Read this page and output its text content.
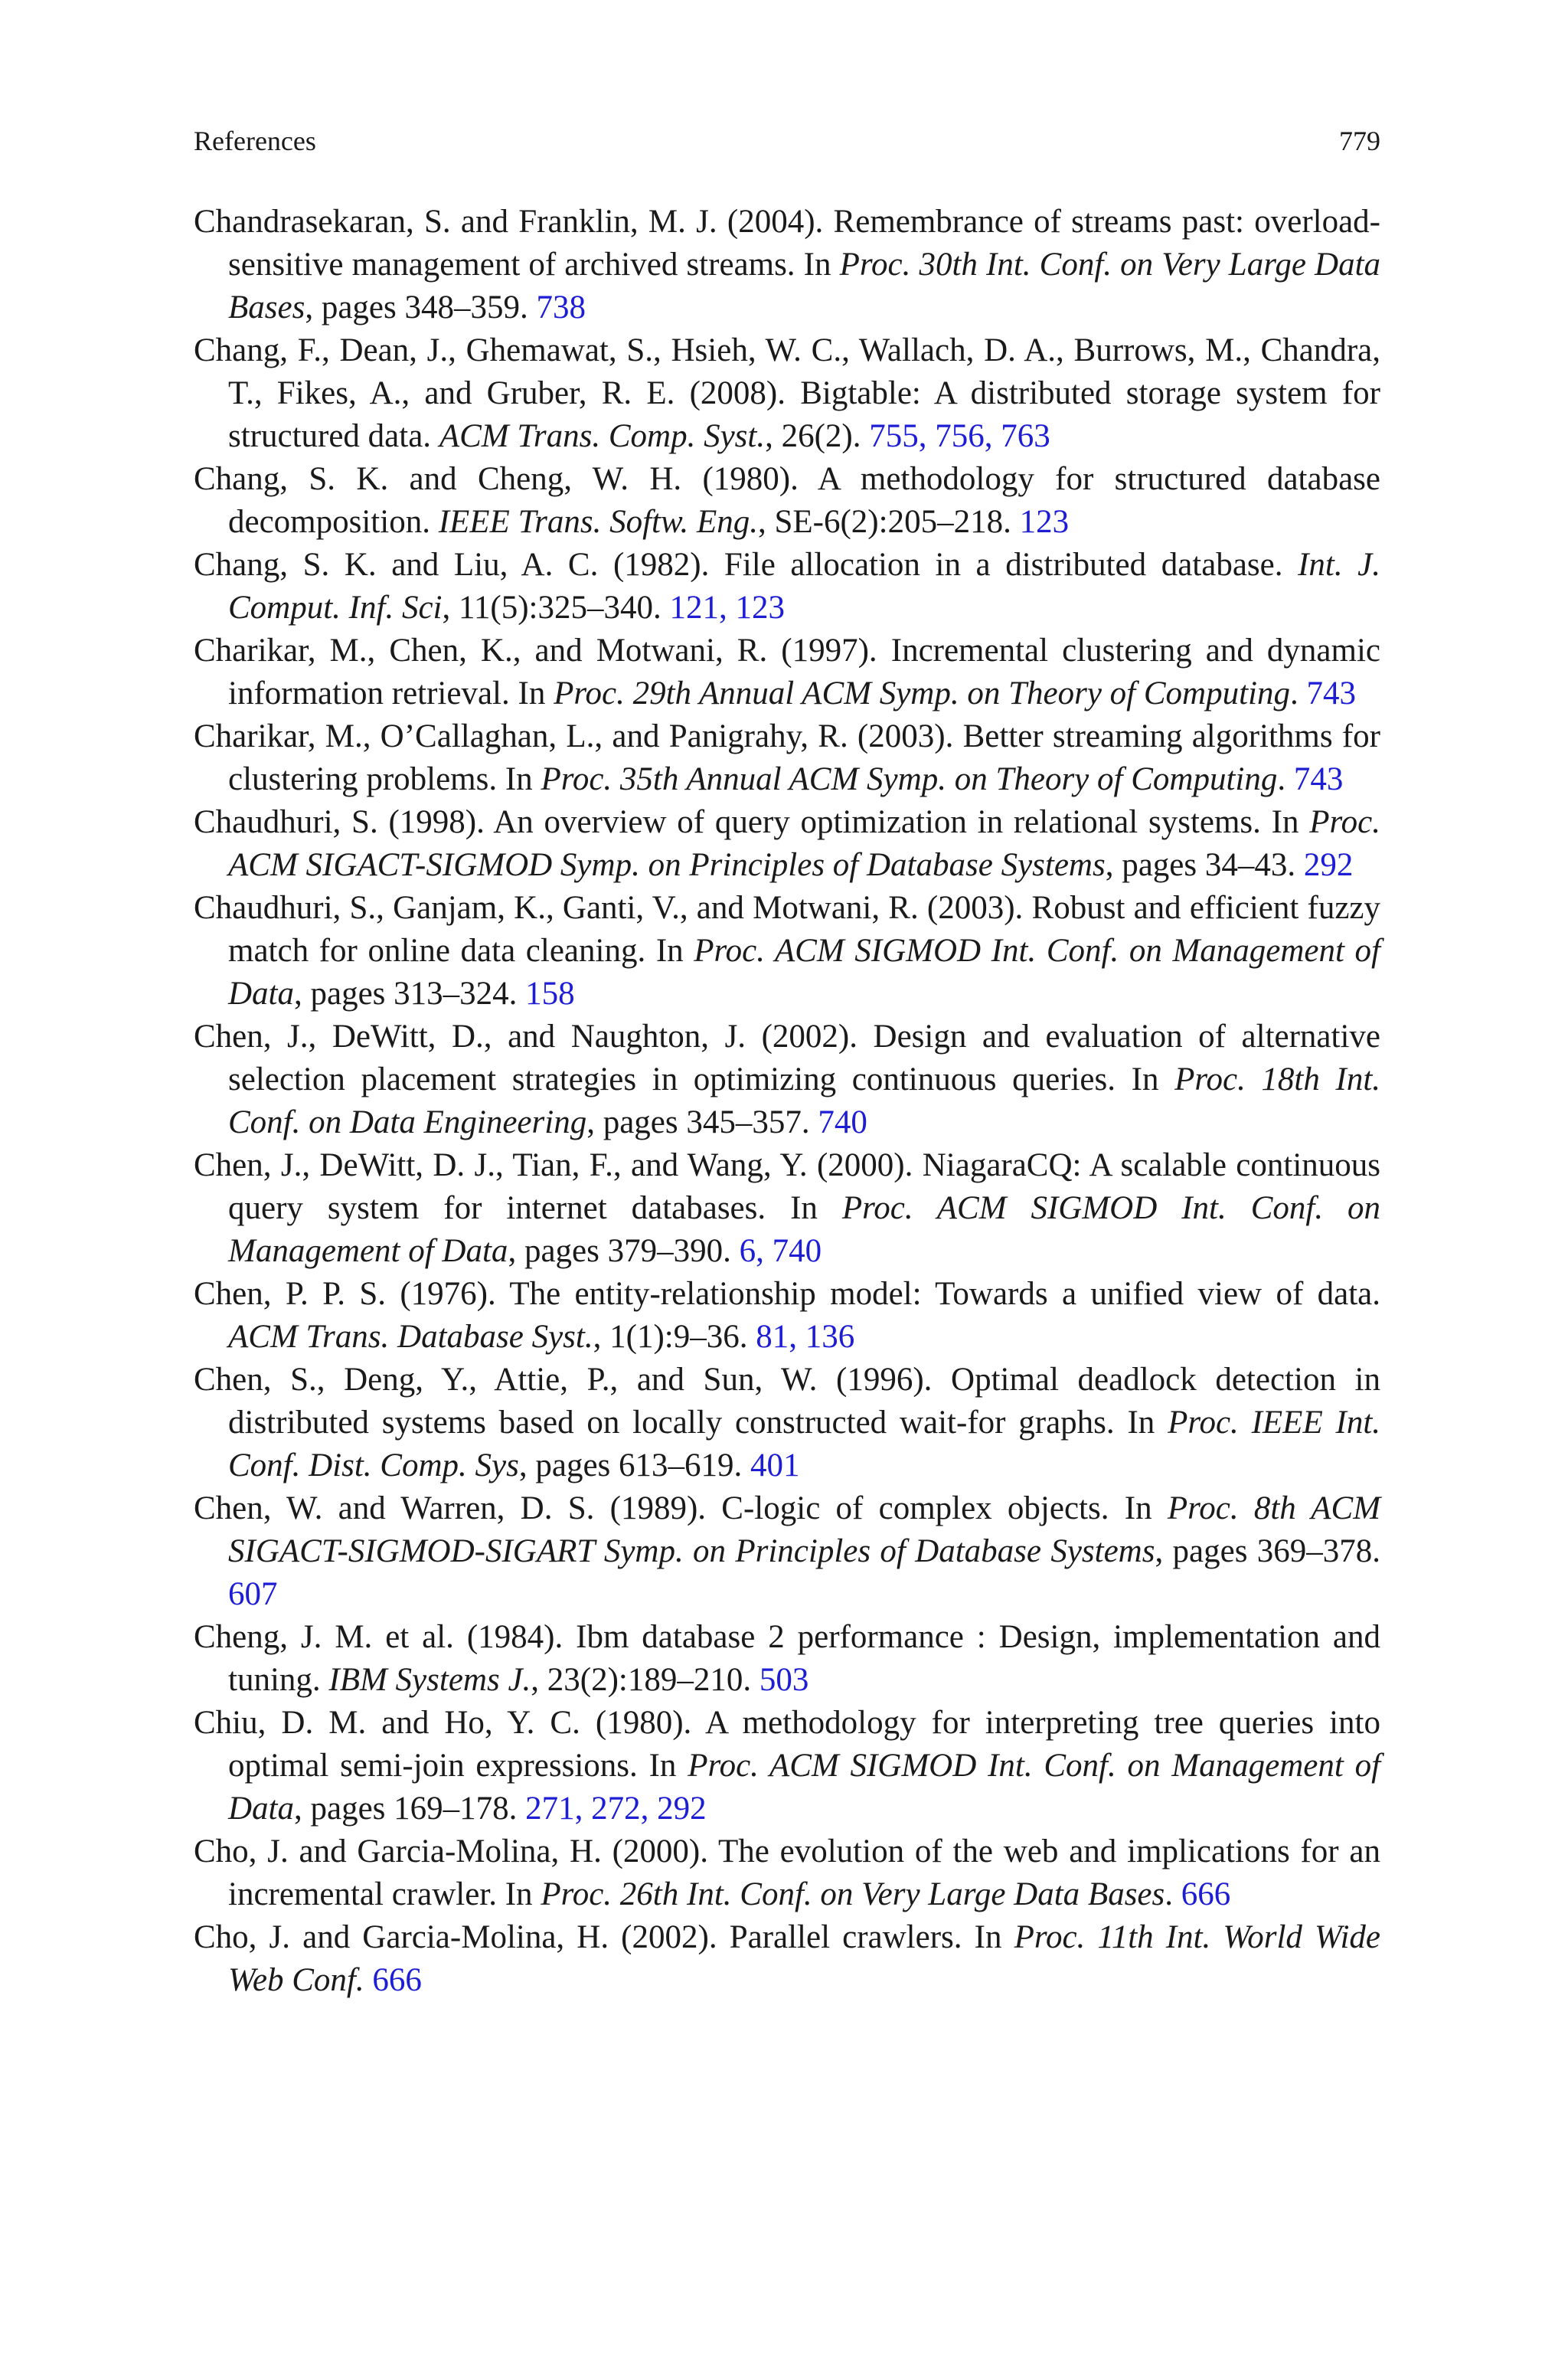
References	779

Chandrasekaran, S. and Franklin, M. J. (2004). Remembrance of streams past: overload-sensitive management of archived streams. In Proc. 30th Int. Conf. on Very Large Data Bases, pages 348–359. 738

Chang, F., Dean, J., Ghemawat, S., Hsieh, W. C., Wallach, D. A., Burrows, M., Chandra, T., Fikes, A., and Gruber, R. E. (2008). Bigtable: A distributed storage system for structured data. ACM Trans. Comp. Syst., 26(2). 755, 756, 763

Chang, S. K. and Cheng, W. H. (1980). A methodology for structured database decomposition. IEEE Trans. Softw. Eng., SE-6(2):205–218. 123

Chang, S. K. and Liu, A. C. (1982). File allocation in a distributed database. Int. J. Comput. Inf. Sci, 11(5):325–340. 121, 123

Charikar, M., Chen, K., and Motwani, R. (1997). Incremental clustering and dynamic information retrieval. In Proc. 29th Annual ACM Symp. on Theory of Computing. 743

Charikar, M., O’Callaghan, L., and Panigrahy, R. (2003). Better streaming algorithms for clustering problems. In Proc. 35th Annual ACM Symp. on Theory of Computing. 743

Chaudhuri, S. (1998). An overview of query optimization in relational systems. In Proc. ACM SIGACT-SIGMOD Symp. on Principles of Database Systems, pages 34–43. 292

Chaudhuri, S., Ganjam, K., Ganti, V., and Motwani, R. (2003). Robust and efficient fuzzy match for online data cleaning. In Proc. ACM SIGMOD Int. Conf. on Management of Data, pages 313–324. 158

Chen, J., DeWitt, D., and Naughton, J. (2002). Design and evaluation of alternative selection placement strategies in optimizing continuous queries. In Proc. 18th Int. Conf. on Data Engineering, pages 345–357. 740

Chen, J., DeWitt, D. J., Tian, F., and Wang, Y. (2000). NiagaraCQ: A scalable continuous query system for internet databases. In Proc. ACM SIGMOD Int. Conf. on Management of Data, pages 379–390. 6, 740

Chen, P. P. S. (1976). The entity-relationship model: Towards a unified view of data. ACM Trans. Database Syst., 1(1):9–36. 81, 136

Chen, S., Deng, Y., Attie, P., and Sun, W. (1996). Optimal deadlock detection in distributed systems based on locally constructed wait-for graphs. In Proc. IEEE Int. Conf. Dist. Comp. Sys, pages 613–619. 401

Chen, W. and Warren, D. S. (1989). C-logic of complex objects. In Proc. 8th ACM SIGACT-SIGMOD-SIGART Symp. on Principles of Database Systems, pages 369–378. 607

Cheng, J. M. et al. (1984). Ibm database 2 performance : Design, implementation and tuning. IBM Systems J., 23(2):189–210. 503

Chiu, D. M. and Ho, Y. C. (1980). A methodology for interpreting tree queries into optimal semi-join expressions. In Proc. ACM SIGMOD Int. Conf. on Management of Data, pages 169–178. 271, 272, 292

Cho, J. and Garcia-Molina, H. (2000). The evolution of the web and implications for an incremental crawler. In Proc. 26th Int. Conf. on Very Large Data Bases. 666

Cho, J. and Garcia-Molina, H. (2002). Parallel crawlers. In Proc. 11th Int. World Wide Web Conf. 666
